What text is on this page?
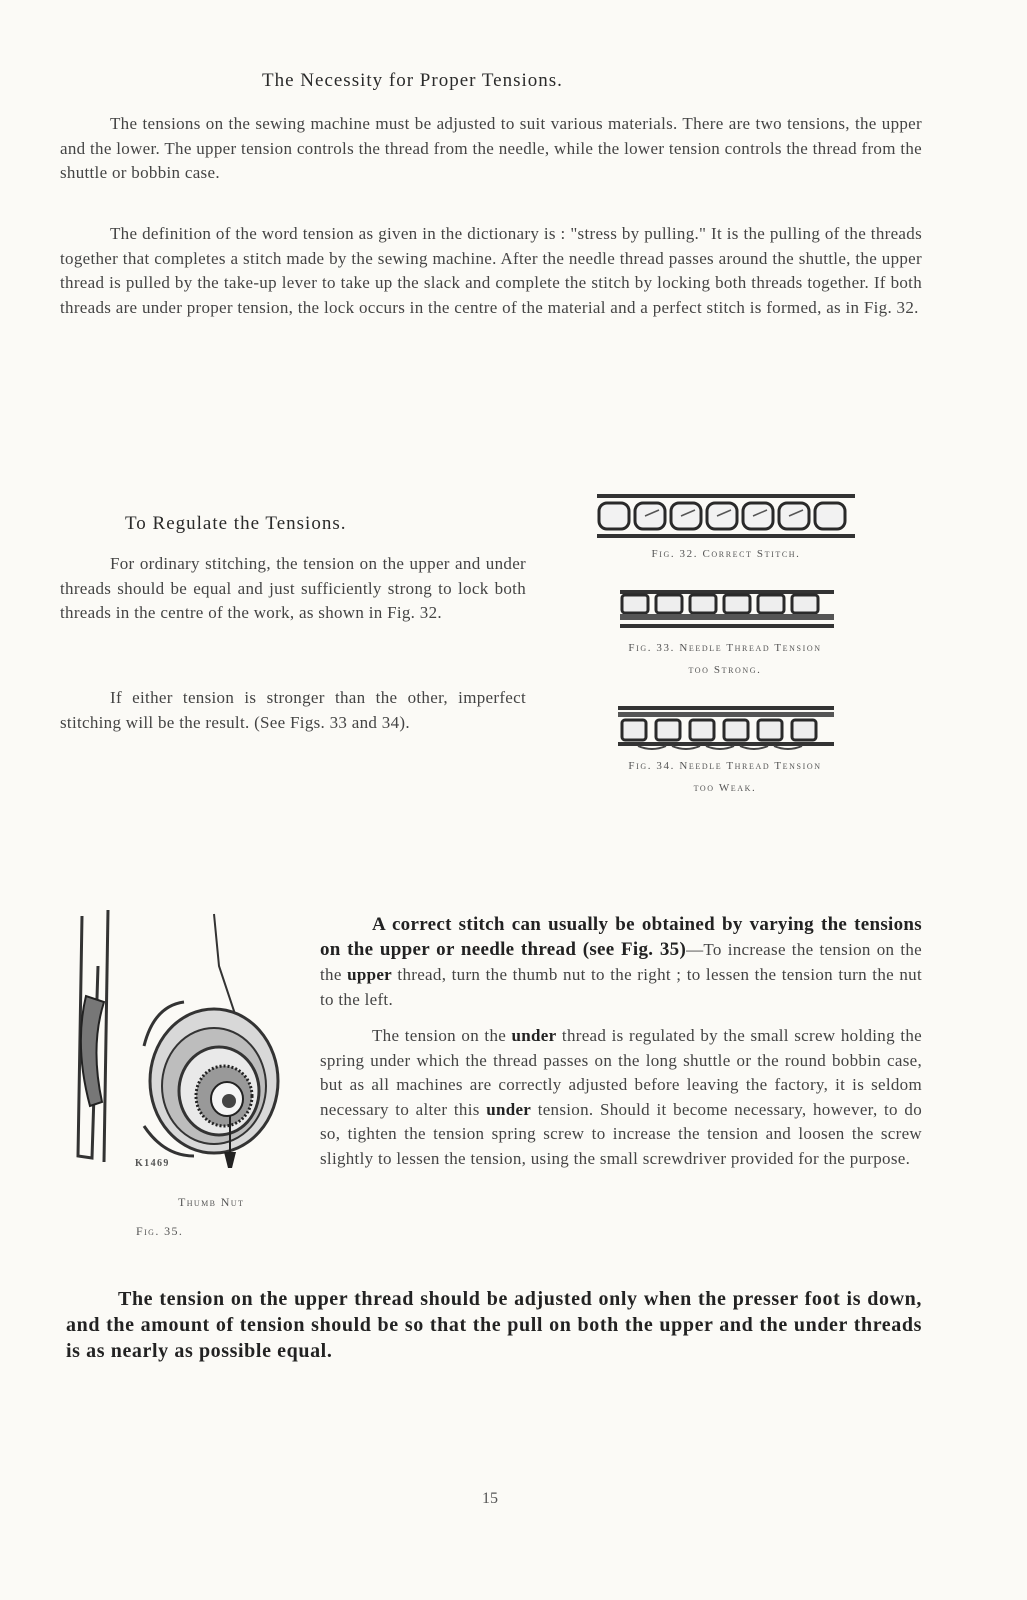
The Necessity for Proper Tensions.

The tensions on the sewing machine must be adjusted to suit various materials. There are two tensions, the upper and the lower. The upper tension controls the thread from the needle, while the lower tension controls the thread from the shuttle or bobbin case.

The definition of the word tension as given in the dictionary is : "stress by pulling." It is the pulling of the threads together that completes a stitch made by the sewing machine. After the needle thread passes around the shuttle, the upper thread is pulled by the take-up lever to take up the slack and complete the stitch by locking both threads together. If both threads are under proper tension, the lock occurs in the centre of the material and a perfect stitch is formed, as in Fig. 32.

To Regulate the Tensions.

For ordinary stitching, the tension on the upper and under threads should be equal and just sufficiently strong to lock both threads in the centre of the work, as shown in Fig. 32.

If either tension is stronger than the other, imperfect stitching will be the result. (See Figs. 33 and 34).

Fig. 32. Correct Stitch.

Fig. 33. Needle Thread Tension

too Strong.

Fig. 34. Needle Thread Tension

too Weak.

K1469
Thumb Nut
Fig. 35.

A correct stitch can usually be obtained by varying the tensions on the upper or needle thread (see Fig. 35)—To increase the tension on the the upper thread, turn the thumb nut to the right ; to lessen the tension turn the nut to the left.

The tension on the under thread is regulated by the small screw holding the spring under which the thread passes on the long shuttle or the round bobbin case, but as all machines are correctly adjusted before leaving the factory, it is seldom necessary to alter this under tension. Should it become necessary, however, to do so, tighten the tension spring screw to increase the tension and loosen the screw slightly to lessen the tension, using the small screwdriver provided for the purpose.

The tension on the upper thread should be adjusted only when the presser foot is down, and the amount of tension should be so that the pull on both the upper and the under threads is as nearly as possible equal.

15
